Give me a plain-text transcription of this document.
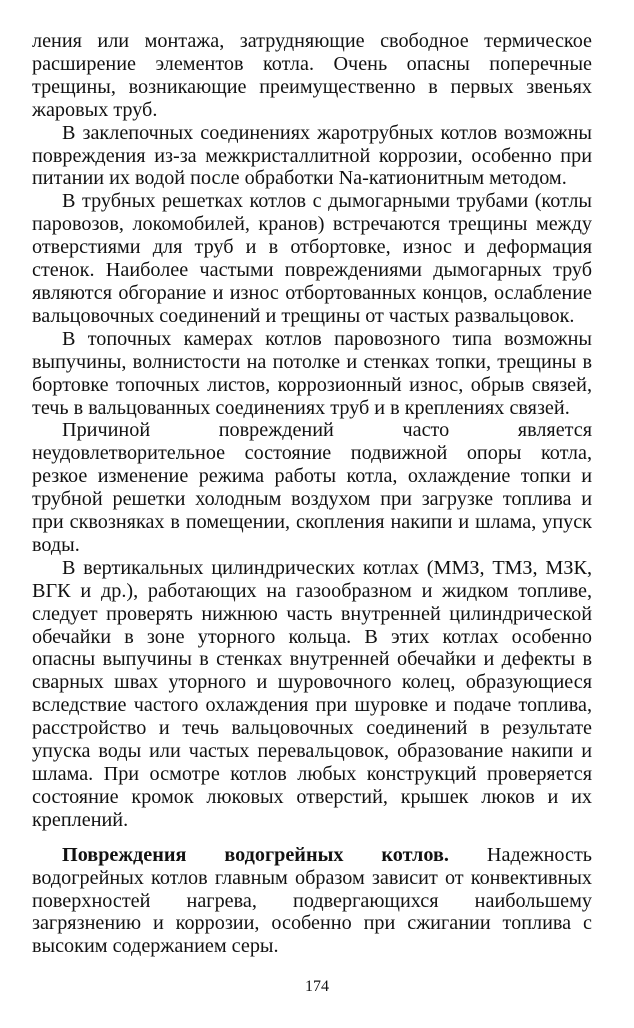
ления или монтажа, затрудняющие свободное термическое расширение элементов котла. Очень опасны поперечные трещины, возникающие преимущественно в первых звеньях жаровых труб.

В заклепочных соединениях жаротрубных котлов возможны повреждения из-за межкристаллитной коррозии, особенно при питании их водой после обработки Na-катионитным методом.

В трубных решетках котлов с дымогарными трубами (котлы паровозов, локомобилей, кранов) встречаются трещины между отверстиями для труб и в отбортовке, износ и деформация стенок. Наиболее частыми повреждениями дымогарных труб являются обгорание и износ отбортованных концов, ослабление вальцовочных соединений и трещины от частых развальцовок.

В топочных камерах котлов паровозного типа возможны выпучины, волнистости на потолке и стенках топки, трещины в бортовке топочных листов, коррозионный износ, обрыв связей, течь в вальцованных соединениях труб и в креплениях связей.

Причиной повреждений часто является неудовлетворительное состояние подвижной опоры котла, резкое изменение режима работы котла, охлаждение топки и трубной решетки холодным воздухом при загрузке топлива и при сквозняках в помещении, скопления накипи и шлама, упуск воды.

В вертикальных цилиндрических котлах (ММЗ, ТМЗ, МЗК, ВГК и др.), работающих на газообразном и жидком топливе, следует проверять нижнюю часть внутренней цилиндрической обечайки в зоне уторного кольца. В этих котлах особенно опасны выпучины в стенках внутренней обечайки и дефекты в сварных швах уторного и шуровочного колец, образующиеся вследствие частого охлаждения при шуровке и подаче топлива, расстройство и течь вальцовочных соединений в результате упуска воды или частых перевальцовок, образование накипи и шлама. При осмотре котлов любых конструкций проверяется состояние кромок люковых отверстий, крышек люков и их креплений.

Повреждения водогрейных котлов. Надежность водогрейных котлов главным образом зависит от конвективных поверхностей нагрева, подвергающихся наибольшему загрязнению и коррозии, особенно при сжигании топлива с высоким содержанием серы.

174
